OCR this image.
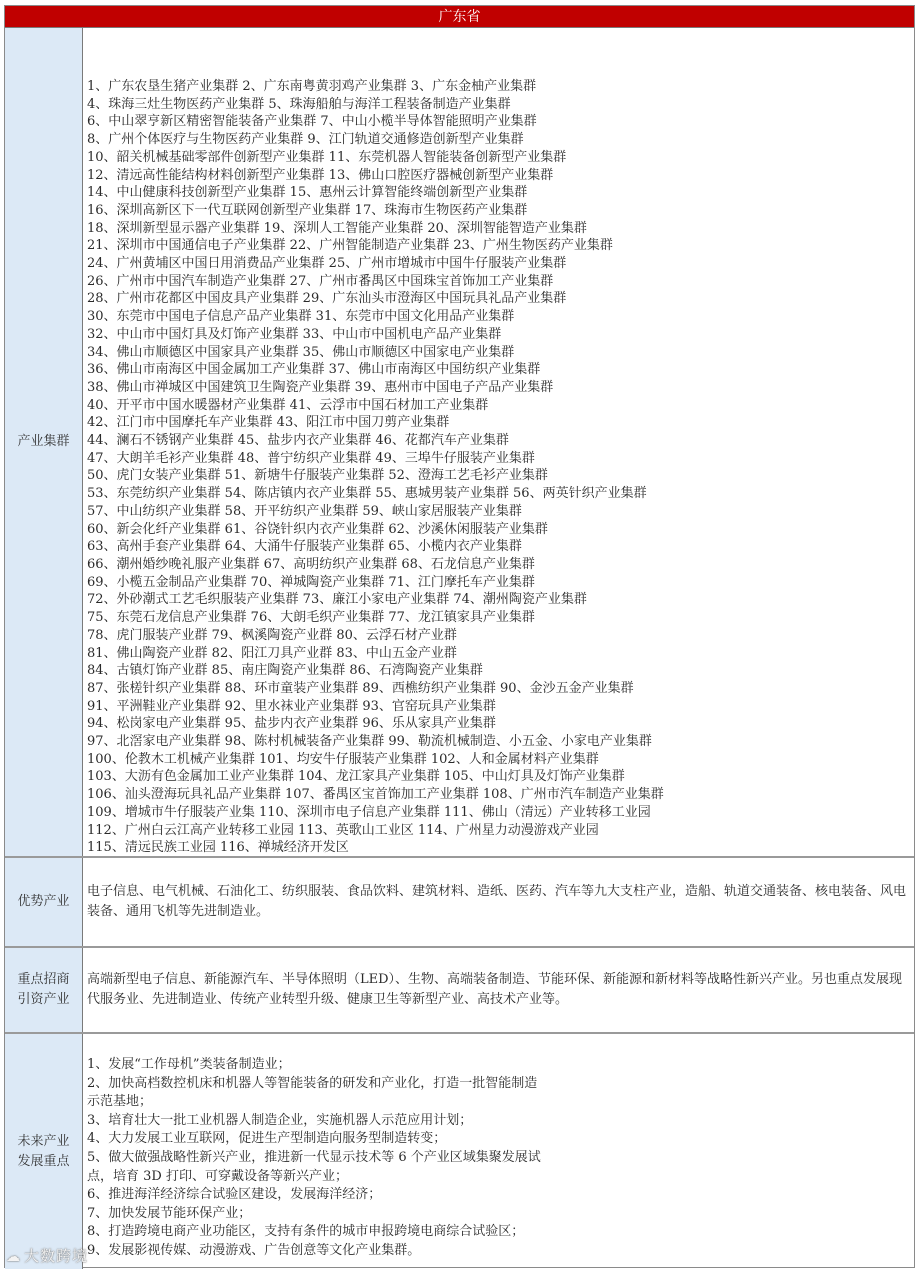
广东省
产业集群
1、广东农垦生猪产业集群 2、广东南粤黄羽鸡产业集群 3、广东金柚产业集群
4、珠海三灶生物医药产业集群 5、珠海船舶与海洋工程装备制造产业集群
6、中山翠亨新区精密智能装备产业集群 7、中山小榄半导体智能照明产业集群
8、广州个体医疗与生物医药产业集群 9、江门轨道交通修造创新型产业集群
10、韶关机械基础零部件创新型产业集群 11、东莞机器人智能装备创新型产业集群
12、清远高性能结构材料创新型产业集群 13、佛山口腔医疗器械创新型产业集群
14、中山健康科技创新型产业集群 15、惠州云计算智能终端创新型产业集群
16、深圳高新区下一代互联网创新型产业集群 17、珠海市生物医药产业集群
18、深圳新型显示器产业集群 19、深圳人工智能产业集群 20、深圳智能智造产业集群
21、深圳市中国通信电子产业集群 22、广州智能制造产业集群 23、广州生物医药产业集群
24、广州黄埔区中国日用消费品产业集群 25、广州市增城市中国牛仔服装产业集群
26、广州市中国汽车制造产业集群 27、广州市番禺区中国珠宝首饰加工产业集群
28、广州市花都区中国皮具产业集群 29、广东汕头市澄海区中国玩具礼品产业集群
30、东莞市中国电子信息产品产业集群 31、东莞市中国文化用品产业集群
32、中山市中国灯具及灯饰产业集群 33、中山市中国机电产品产业集群
34、佛山市顺德区中国家具产业集群 35、佛山市顺德区中国家电产业集群
36、佛山市南海区中国金属加工产业集群 37、佛山市南海区中国纺织产业集群
38、佛山市禅城区中国建筑卫生陶瓷产业集群 39、惠州市中国电子产品产业集群
40、开平市中国水暖器材产业集群 41、云浮市中国石材加工产业集群
42、江门市中国摩托车产业集群 43、阳江市中国刀剪产业集群
44、澜石不锈钢产业集群 45、盐步内衣产业集群 46、花都汽车产业集群
47、大朗羊毛衫产业集群 48、普宁纺织产业集群 49、三埠牛仔服装产业集群
50、虎门女装产业集群 51、新塘牛仔服装产业集群 52、澄海工艺毛衫产业集群
53、东莞纺织产业集群 54、陈店镇内衣产业集群 55、惠城男装产业集群 56、两英针织产业集群
57、中山纺织产业集群 58、开平纺织产业集群 59、峡山家居服装产业集群
60、新会化纤产业集群 61、谷饶针织内衣产业集群 62、沙溪休闲服装产业集群
63、高州手套产业集群 64、大涌牛仔服装产业集群 65、小榄内衣产业集群
66、潮州婚纱晚礼服产业集群 67、高明纺织产业集群 68、石龙信息产业集群
69、小榄五金制品产业集群 70、禅城陶瓷产业集群 71、江门摩托车产业集群
72、外砂潮式工艺毛织服装产业集群 73、廉江小家电产业集群 74、潮州陶瓷产业集群
75、东莞石龙信息产业集群 76、大朗毛织产业集群 77、龙江镇家具产业集群
78、虎门服装产业群 79、枫溪陶瓷产业群 80、云浮石材产业群
81、佛山陶瓷产业群 82、阳江刀具产业群 83、中山五金产业群
84、古镇灯饰产业群 85、南庄陶瓷产业集群 86、石湾陶瓷产业集群
87、张槎针织产业集群 88、环市童装产业集群 89、西樵纺织产业集群 90、金沙五金产业集群
91、平洲鞋业产业集群 92、里水袜业产业集群 93、官窑玩具产业集群
94、松岗家电产业集群 95、盐步内衣产业集群 96、乐从家具产业集群
97、北滘家电产业集群 98、陈村机械装备产业集群 99、勒流机械制造、小五金、小家电产业集群
100、伦教木工机械产业集群 101、均安牛仔服装产业集群 102、人和金属材料产业集群
103、大沥有色金属加工业产业集群 104、龙江家具产业集群 105、中山灯具及灯饰产业集群
106、汕头澄海玩具礼品产业集群 107、番禺区宝首饰加工产业集群 108、广州市汽车制造产业集群
109、增城市牛仔服装产业集 110、深圳市电子信息产业集群 111、佛山（清远）产业转移工业园
112、广州白云江高产业转移工业园 113、英歌山工业区 114、广州星力动漫游戏产业园
115、清远民族工业园 116、禅城经济开发区
优势产业
电子信息、电气机械、石油化工、纺织服装、食品饮料、建筑材料、造纸、医药、汽车等九大支柱产业，造船、轨道交通装备、核电装备、风电装备、通用飞机等先进制造业。
重点招商引资产业
高端新型电子信息、新能源汽车、半导体照明（LED）、生物、高端装备制造、节能环保、新能源和新材料等战略性新兴产业。另也重点发展现代服务业、先进制造业、传统产业转型升级、健康卫生等新型产业、高技术产业等。
未来产业发展重点
1、发展“工作母机”类装备制造业；
2、加快高档数控机床和机器人等智能装备的研发和产业化，打造一批智能制造
示范基地；
3、培育壮大一批工业机器人制造企业，实施机器人示范应用计划；
4、大力发展工业互联网，促进生产型制造向服务型制造转变；
5、做大做强战略性新兴产业，推进新一代显示技术等 6 个产业区域集聚发展试
点，培育 3D 打印、可穿戴设备等新兴产业；
6、推进海洋经济综合试验区建设，发展海洋经济；
7、加快发展节能环保产业；
8、打造跨境电商产业功能区，支持有条件的城市申报跨境电商综合试验区；
9、发展影视传媒、动漫游戏、广告创意等文化产业集群。
☁ 大数跨境
